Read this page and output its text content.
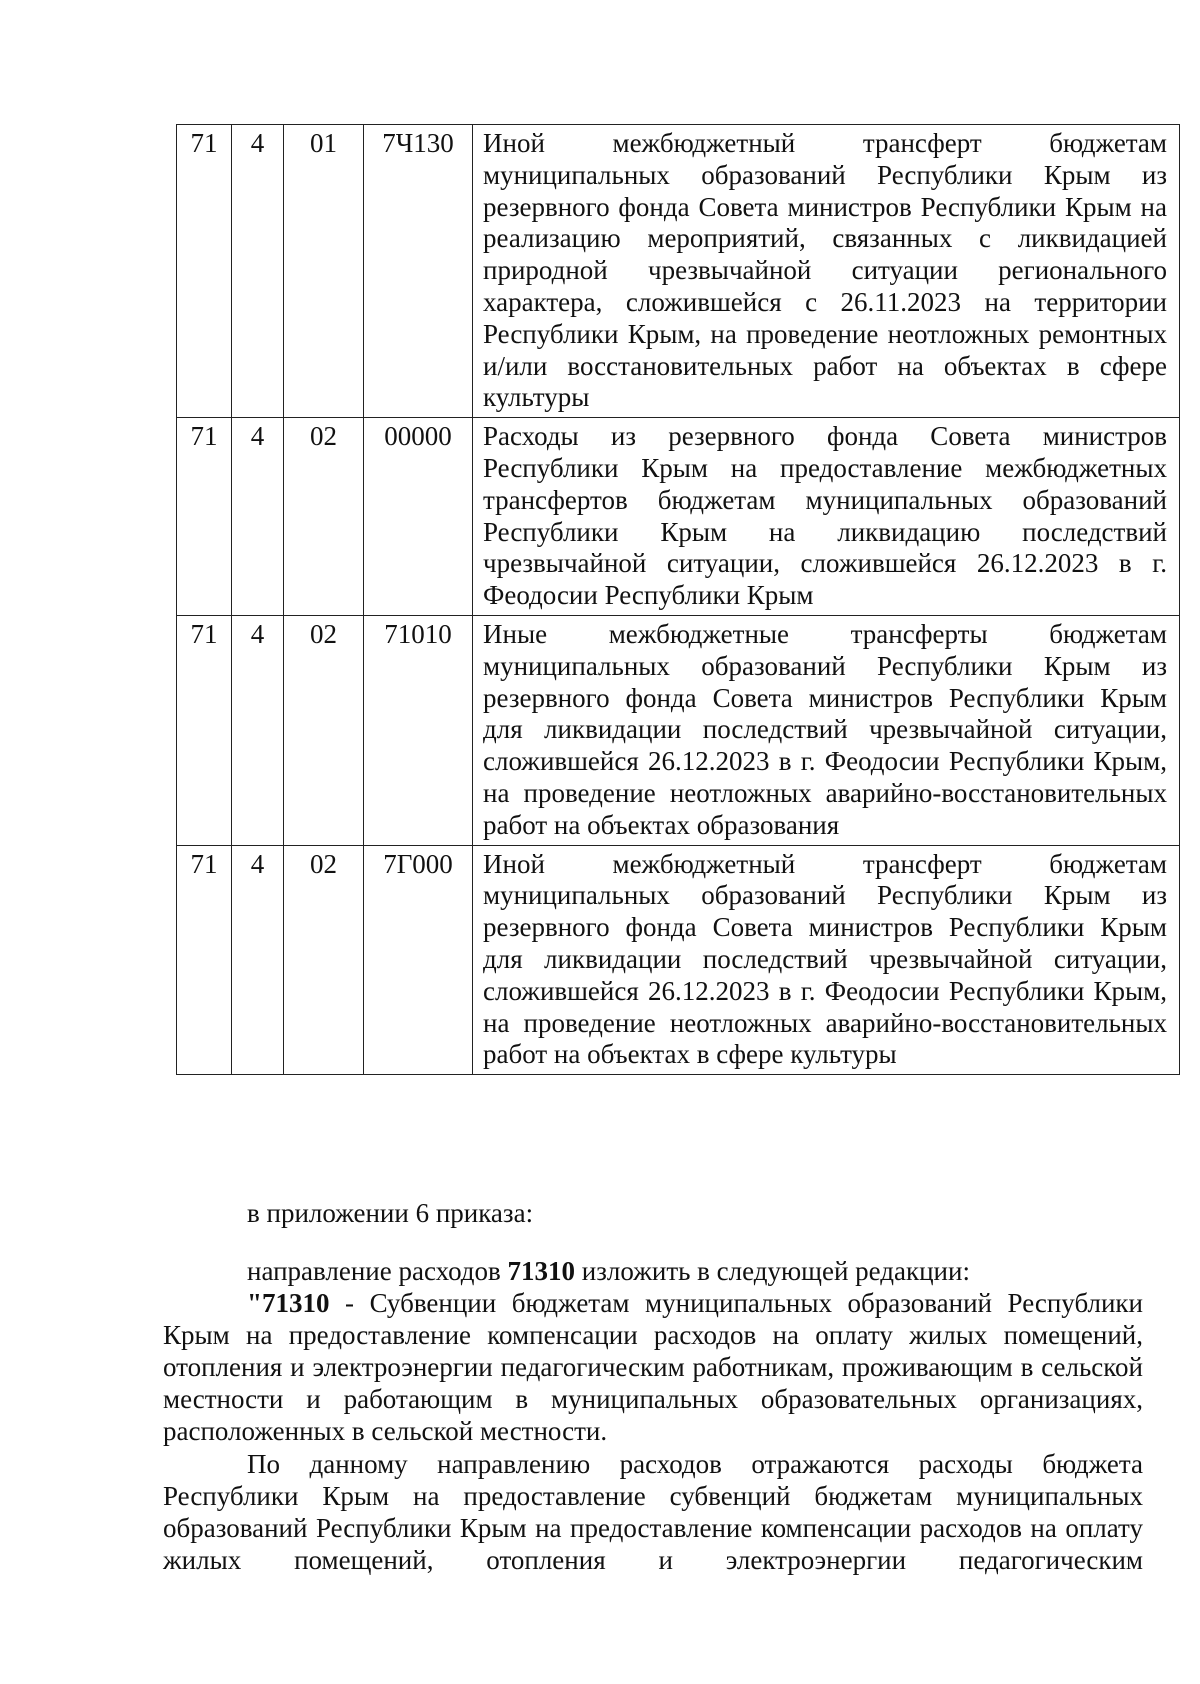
71	4	01	7Ч130	Иной межбюджетный трансферт бюджетам муниципальных образований Республики Крым из резервного фонда Совета министров Республики Крым на реализацию мероприятий, связанных с ликвидацией природной чрезвычайной ситуации регионального характера, сложившейся с 26.11.2023 на территории Республики Крым, на проведение неотложных ремонтных и/или восстановительных работ на объектах в сфере культуры
71	4	02	00000	Расходы из резервного фонда Совета министров Республики Крым на предоставление межбюджетных трансфертов бюджетам муниципальных образований Республики Крым на ликвидацию последствий чрезвычайной ситуации, сложившейся 26.12.2023 в г. Феодосии Республики Крым
71	4	02	71010	Иные межбюджетные трансферты бюджетам муниципальных образований Республики Крым из резервного фонда Совета министров Республики Крым для ликвидации последствий чрезвычайной ситуации, сложившейся 26.12.2023 в г. Феодосии Республики Крым, на проведение неотложных аварийно-восстановительных работ на объектах образования
71	4	02	7Г000	Иной межбюджетный трансферт бюджетам муниципальных образований Республики Крым из резервного фонда Совета министров Республики Крым для ликвидации последствий чрезвычайной ситуации, сложившейся 26.12.2023 в г. Феодосии Республики Крым, на проведение неотложных аварийно-восстановительных работ на объектах в сфере культуры

в приложении 6 приказа:

направление расходов 71310 изложить в следующей редакции:

"71310 - Субвенции бюджетам муниципальных образований Республики Крым на предоставление компенсации расходов на оплату жилых помещений, отопления и электроэнергии педагогическим работникам, проживающим в сельской местности и работающим в муниципальных образовательных организациях, расположенных в сельской местности.

По данному направлению расходов отражаются расходы бюджета Республики Крым на предоставление субвенций бюджетам муниципальных образований Республики Крым на предоставление компенсации расходов на оплату жилых помещений, отопления и электроэнергии педагогическим
